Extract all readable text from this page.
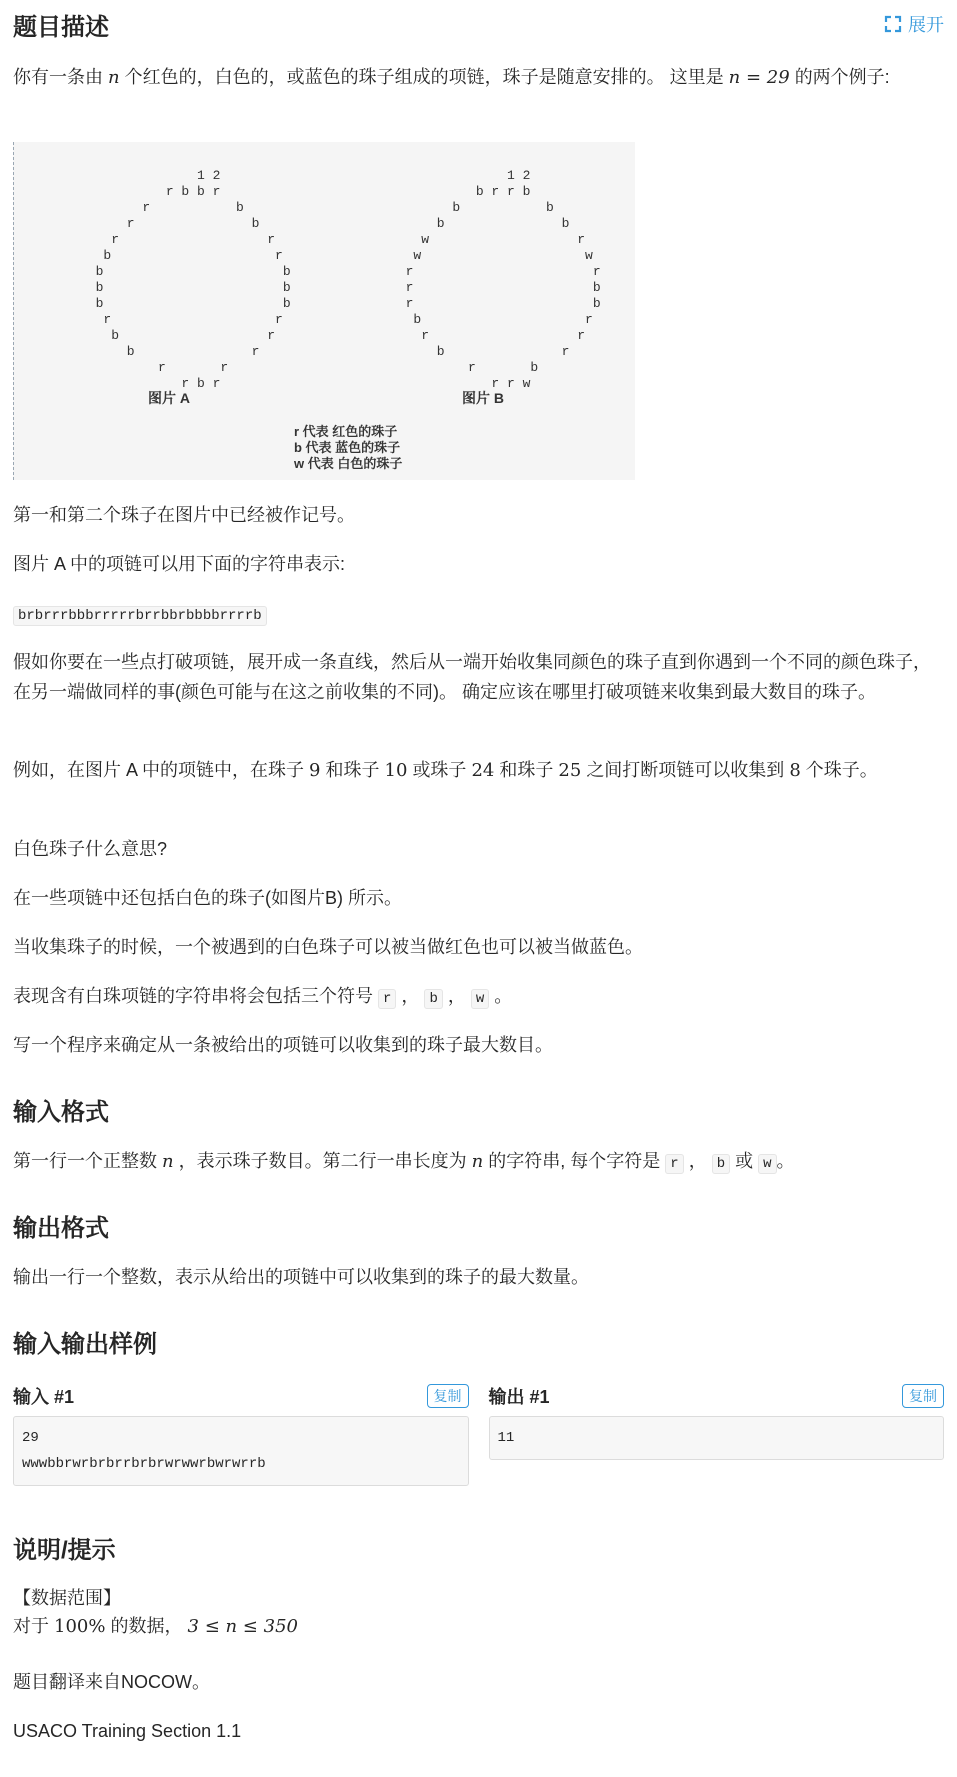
题目描述	展开

你有一条由 n 个红色的，白色的，或蓝色的珠子组成的项链，珠子是随意安排的。 这里是 n = 29 的两个例子:

1 2
r b b r
r           b
r               b
r                   r
b                     r
b                       b
b                       b
b                       b
r                     r
b                   r
b               r
r       r
r b r
1 2
b r r b
b           b
b               b
w                   r
w                     w
r                       r
r                       b
r                       b
b                     r
r                   r
b               r
r       b
r r w
图片 A	图片 B
r 代表 红色的珠子
b 代表 蓝色的珠子
w 代表 白色的珠子

第一和第二个珠子在图片中已经被作记号。

图片 A 中的项链可以用下面的字符串表示:

brbrrrbbbrrrrrbrrbbrbbbbrrrrb

假如你要在一些点打破项链，展开成一条直线，然后从一端开始收集同颜色的珠子直到你遇到一个不同的颜色珠子，在另一端做同样的事(颜色可能与在这之前收集的不同)。 确定应该在哪里打破项链来收集到最大数目的珠子。

例如，在图片 A 中的项链中，在珠子 9 和珠子 10 或珠子 24 和珠子 25 之间打断项链可以收集到 8 个珠子。

白色珠子什么意思?

在一些项链中还包括白色的珠子(如图片B) 所示。

当收集珠子的时候，一个被遇到的白色珠子可以被当做红色也可以被当做蓝色。

表现含有白珠项链的字符串将会包括三个符号 r ， b ， w 。

写一个程序来确定从一条被给出的项链可以收集到的珠子最大数目。

输入格式

第一行一个正整数 n ，表示珠子数目。第二行一串长度为 n 的字符串, 每个字符是 r ， b 或 w 。

输出格式

输出一行一个整数，表示从给出的项链中可以收集到的珠子的最大数量。

输入输出样例
输入 #1	复制
29
wwwbbrwrbrbrrbrbrwrwwrbwrwrrb
输出 #1	复制
11
说明/提示

【数据范围】

对于 100% 的数据， 3 ≤ n ≤ 350

题目翻译来自NOCOW。

USACO Training Section 1.1
